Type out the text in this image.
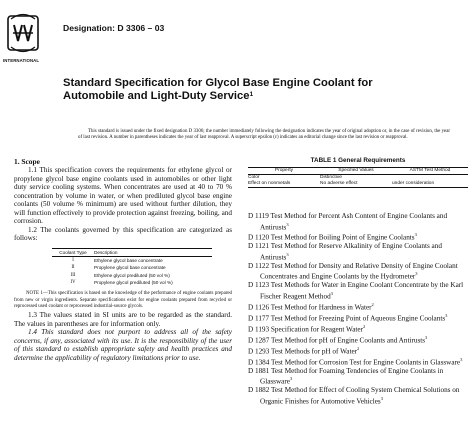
INTERNATIONAL
Designation: D 3306 – 03
Standard Specification for Glycol Base Engine Coolant for Automobile and Light-Duty Service$^1$

This standard is issued under the fixed designation D 3306; the number immediately following the designation indicates the year of original adoption or, in the case of revision, the year of last revision. A number in parentheses indicates the year of last reapproval. A superscript epsilon (ε) indicates an editorial change since the last revision or reapproval.

1. Scope

1.1 This specification covers the requirements for ethylene glycol or propylene glycol base engine coolants used in automobiles or other light duty service cooling systems. When concentrates are used at 40 to 70 % concentration by volume in water, or when prediluted glycol base engine coolants (50 volume % minimum) are used without further dilution, they will function effectively to provide protection against freezing, boiling, and corrosion.

1.2 The coolants governed by this specification are categorized as follows:

Coolant Type	Description
I	Ethylene glycol base concentrate
II	Propylene glycol base concentrate
III	Ethylene glycol prediluted (50 vol %)
IV	Propylene glycol prediluted (50 vol %)

NOTE 1—This specification is based on the knowledge of the performance of engine coolants prepared from new or virgin ingredients. Separate specifications exist for engine coolants prepared from recycled or reprocessed used coolant or reprocessed industrial-source glycols.

1.3 The values stated in SI units are to be regarded as the standard. The values in parentheses are for information only.

1.4 This standard does not purport to address all of the safety concerns, if any, associated with its use. It is the responsibility of the user of this standard to establish appropriate safety and health practices and determine the applicability of regulatory limitations prior to use.

TABLE 1 General Requirements
Property	Specified Values	ASTM Test Method
Color	Distinctive
Effect on nonmetals	No adverse effect	under consideration

D 1119 Test Method for Percent Ash Content of Engine Coolants and Antirusts$^3$

D 1120 Test Method for Boiling Point of Engine Coolants$^3$

D 1121 Test Method for Reserve Alkalinity of Engine Coolants and Antirusts$^3$

D 1122 Test Method for Density and Relative Density of Engine Coolant Concentrates and Engine Coolants by the Hydrometer$^3$

D 1123 Test Methods for Water in Engine Coolant Concentrate by the Karl Fischer Reagent Method$^3$

D 1126 Test Method for Hardness in Water$^2$

D 1177 Test Method for Freezing Point of Aqueous Engine Coolants$^3$

D 1193 Specification for Reagent Water$^2$

D 1287 Test Method for pH of Engine Coolants and Antirusts$^3$

D 1293 Test Methods for pH of Water$^2$

D 1384 Test Method for Corrosion Test for Engine Coolants in Glassware$^3$

D 1881 Test Method for Foaming Tendencies of Engine Coolants in Glassware$^3$

D 1882 Test Method for Effect of Cooling System Chemical Solutions on Organic Finishes for Automotive Vehicles$^3$
